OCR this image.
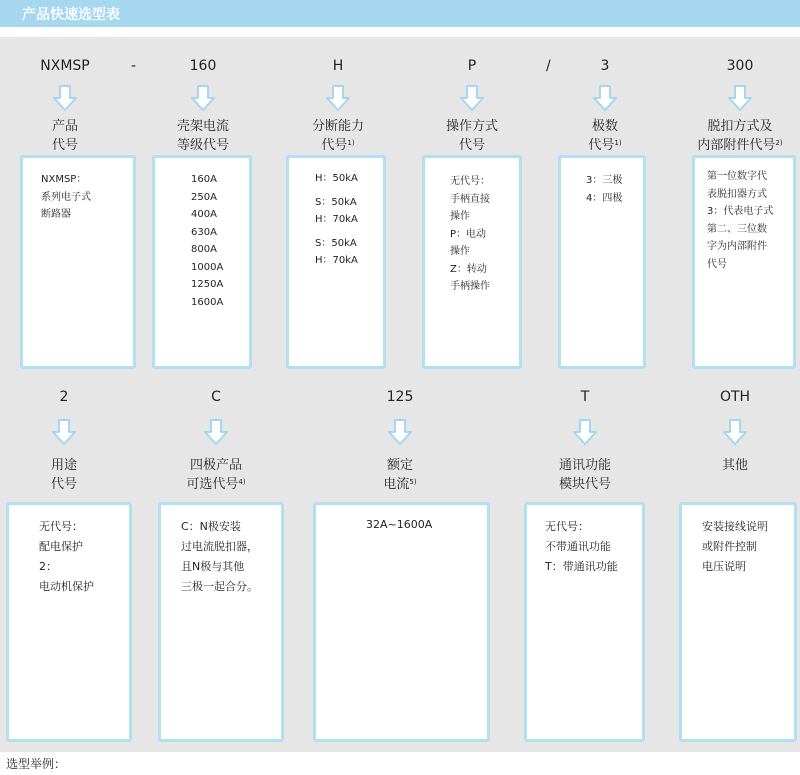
产品快速选型表
NXMSP	160	H	P	3	300
-	/
产品
代号
壳架电流
等级代号
分断能力
代号$^{1)}$
操作方式
代号
极数
代号$^{1)}$
脱扣方式及
内部附件代号$^{2)}$
NXMSP：
系列电子式
断路器
160A
250A
400A
630A
800A
1000A
1250A
1600A
H：50kA

S：50kA
H：70kA

S：50kA
H：70kA
无代号：
手柄直接
操作
P：电动
操作
Z：转动
手柄操作
3：三极
4：四极
第一位数字代
表脱扣器方式
3：代表电子式
第二、三位数
字为内部附件
代号
2	C	125	T	OTH
用途
代号
四极产品
可选代号$^{4)}$
额定
电流$^{5)}$
通讯功能
模块代号
其他
无代号：
配电保护
2：
电动机保护
C：N极安装
过电流脱扣器，
且N极与其他
三极一起合分。
32A~1600A	无代号：
不带通讯功能
T：带通讯功能
安装接线说明
或附件控制
电压说明
选型举例：
